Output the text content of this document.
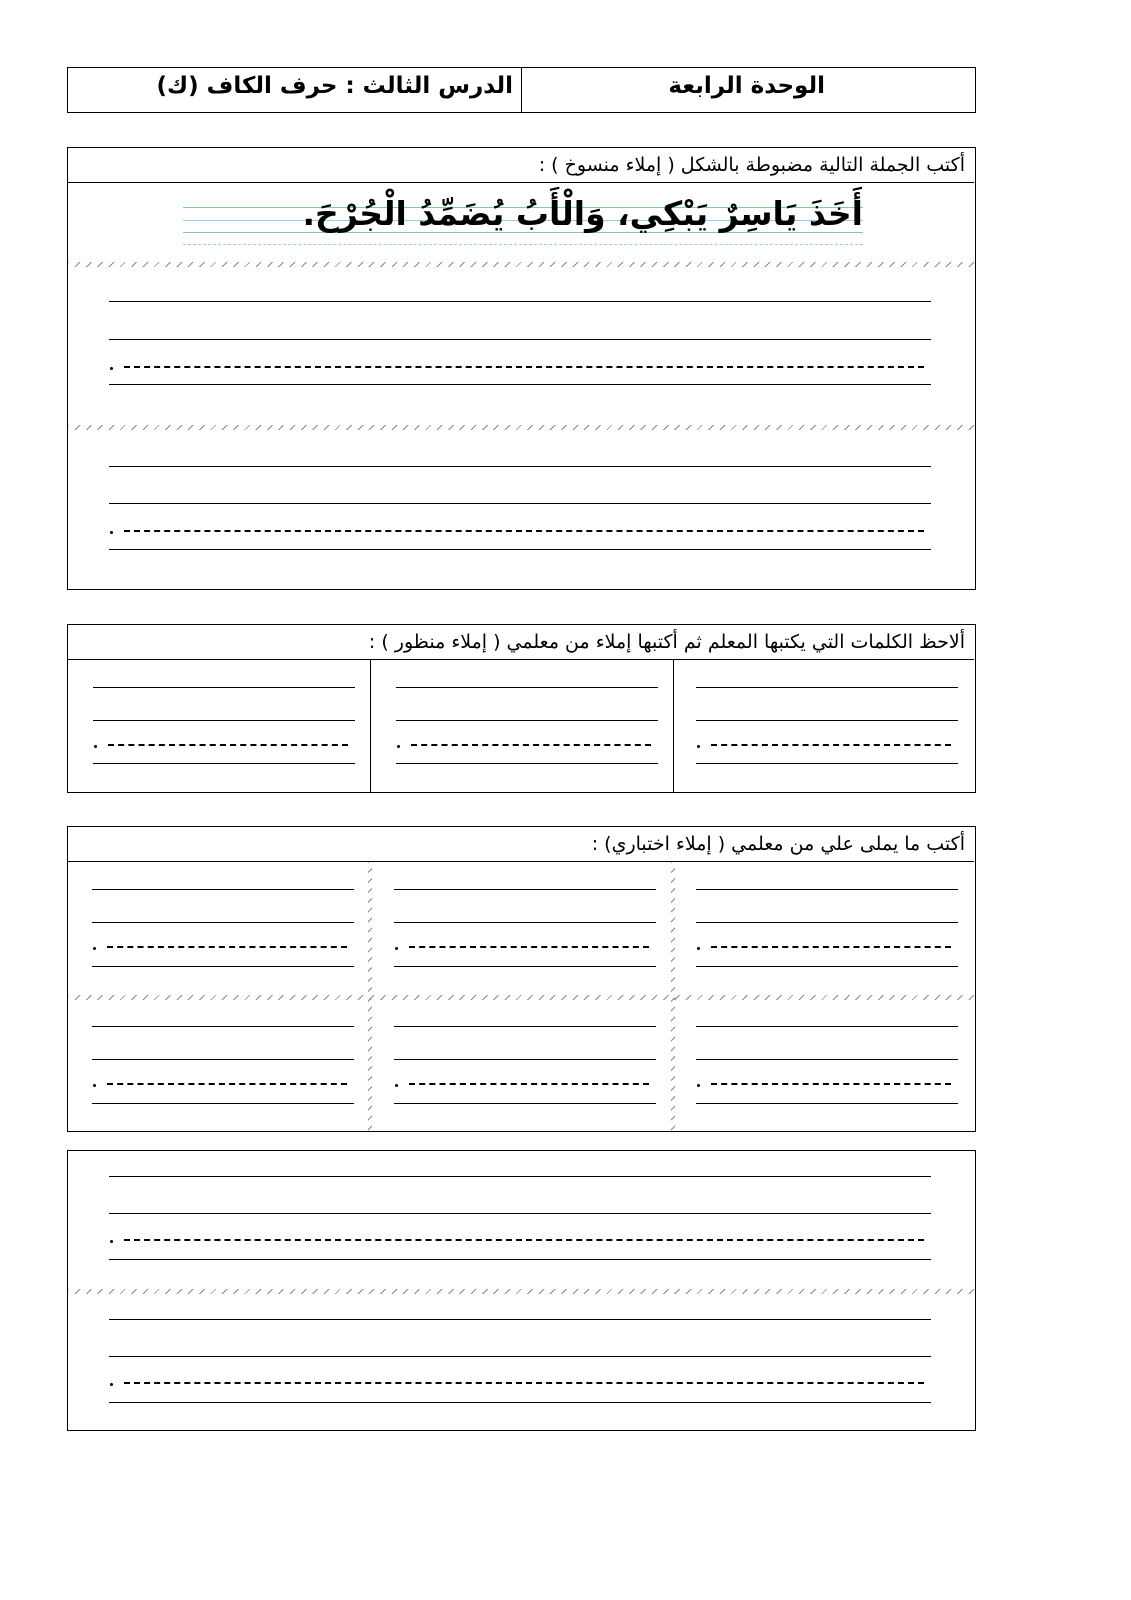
الوحدة الرابعة
الدرس الثالث : حرف الكاف (ك)
أكتب الجملة التالية مضبوطة بالشكل ( إملاء منسوخ ) :
أَخَذَ يَاسِرٌ يَبْكِي، وَالْأَبُ يُضَمِّدُ الْجُرْحَ.
ألاحظ الكلمات التي يكتبها المعلم ثم أكتبها إملاء من معلمي ( إملاء منظور ) :
أكتب ما يملى علي من معلمي ( إملاء اختباري) :
